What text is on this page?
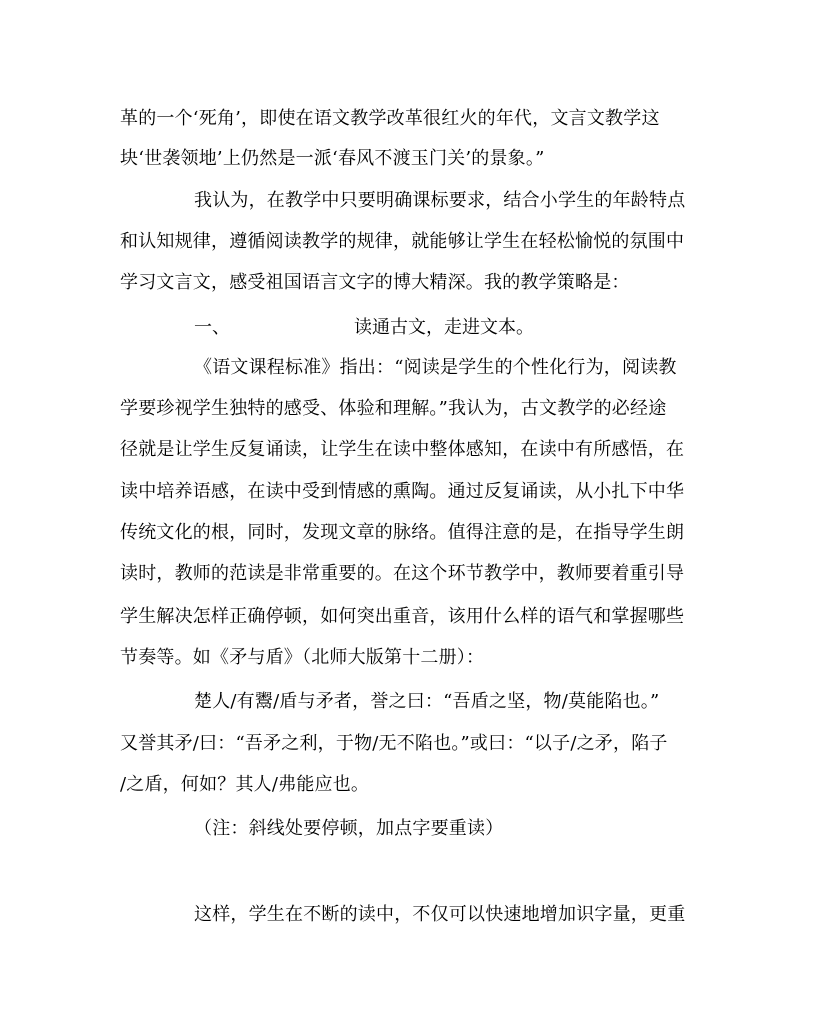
革的一个‘死角’，即使在语文教学改革很红火的年代，文言文教学这
块‘世袭领地’上仍然是一派‘春风不渡玉门关’的景象。”
我认为，在教学中只要明确课标要求，结合小学生的年龄特点
和认知规律，遵循阅读教学的规律，就能够让学生在轻松愉悦的氛围中
学习文言文，感受祖国语言文字的博大精深。我的教学策略是：
一、	读通古文，走进文本。
《语文课程标准》指出：“阅读是学生的个性化行为，阅读教
学要珍视学生独特的感受、体验和理解。”我认为，古文教学的必经途
径就是让学生反复诵读，让学生在读中整体感知，在读中有所感悟，在
读中培养语感，在读中受到情感的熏陶。通过反复诵读，从小扎下中华
传统文化的根，同时，发现文章的脉络。值得注意的是，在指导学生朗
读时，教师的范读是非常重要的。在这个环节教学中，教师要着重引导
学生解决怎样正确停顿，如何突出重音，该用什么样的语气和掌握哪些
节奏等。如《矛与盾》（北师大版第十二册）：
楚人/有鬻/盾与矛者，誉之曰：“吾盾之坚，物/莫能陷也。”
又誉其矛/曰：“吾矛之利，于物/无不陷也。”或曰：“以子/之矛，陷子
/之盾，何如？其人/弗能应也。
（注：斜线处要停顿，加点字要重读）
这样，学生在不断的读中，不仅可以快速地增加识字量，更重
